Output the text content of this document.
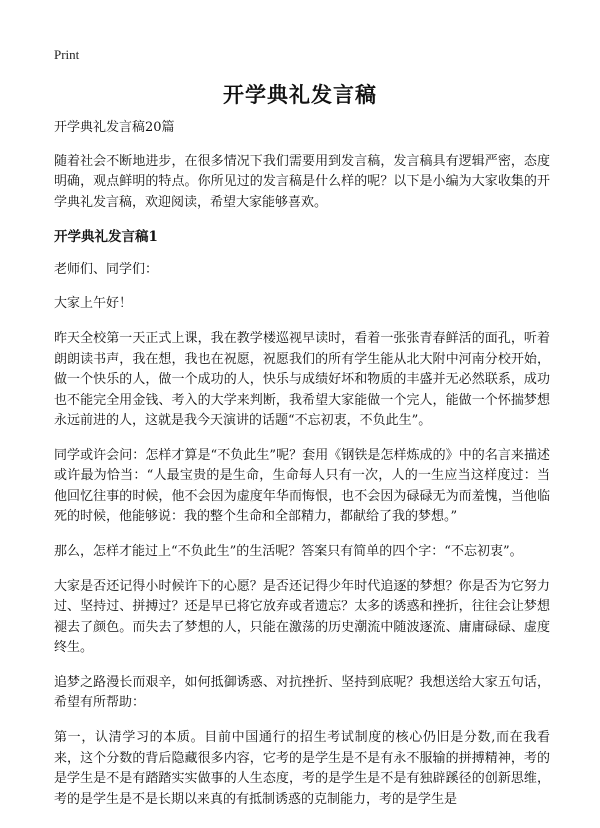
Print
开学典礼发言稿

开学典礼发言稿20篇

随着社会不断地进步，在很多情况下我们需要用到发言稿，发言稿具有逻辑严密，态度明确，观点鲜明的特点。你所见过的发言稿是什么样的呢？以下是小编为大家收集的开学典礼发言稿，欢迎阅读，希望大家能够喜欢。

开学典礼发言稿1

老师们、同学们：

大家上午好！

昨天全校第一天正式上课，我在教学楼巡视早读时，看着一张张青春鲜活的面孔，听着朗朗读书声，我在想，我也在祝愿，祝愿我们的所有学生能从北大附中河南分校开始，做一个快乐的人，做一个成功的人，快乐与成绩好坏和物质的丰盛并无必然联系，成功也不能完全用金钱、考入的大学来判断，我希望大家能做一个完人，能做一个怀揣梦想永远前进的人，这就是我今天演讲的话题“不忘初衷，不负此生”。

同学或许会问：怎样才算是“不负此生”呢？套用《钢铁是怎样炼成的》中的名言来描述或许最为恰当：“人最宝贵的是生命，生命每人只有一次，人的一生应当这样度过：当他回忆往事的时候，他不会因为虚度年华而悔恨，也不会因为碌碌无为而羞愧，当他临死的时候，他能够说：我的整个生命和全部精力，都献给了我的梦想。”

那么，怎样才能过上“不负此生”的生活呢？答案只有简单的四个字：“不忘初衷”。

大家是否还记得小时候许下的心愿？是否还记得少年时代追逐的梦想？你是否为它努力过、坚持过、拼搏过？还是早已将它放弃或者遗忘？太多的诱惑和挫折，往往会让梦想褪去了颜色。而失去了梦想的人，只能在激荡的历史潮流中随波逐流、庸庸碌碌、虚度终生。

追梦之路漫长而艰辛，如何抵御诱惑、对抗挫折、坚持到底呢？我想送给大家五句话，希望有所帮助：

第一，认清学习的本质。目前中国通行的招生考试制度的核心仍旧是分数,而在我看来，这个分数的背后隐藏很多内容，它考的是学生是不是有永不服输的拼搏精神，考的是学生是不是有踏踏实实做事的人生态度，考的是学生是不是有独辟蹊径的创新思维，考的是学生是不是长期以来真的有抵制诱惑的克制能力，考的是学生是
